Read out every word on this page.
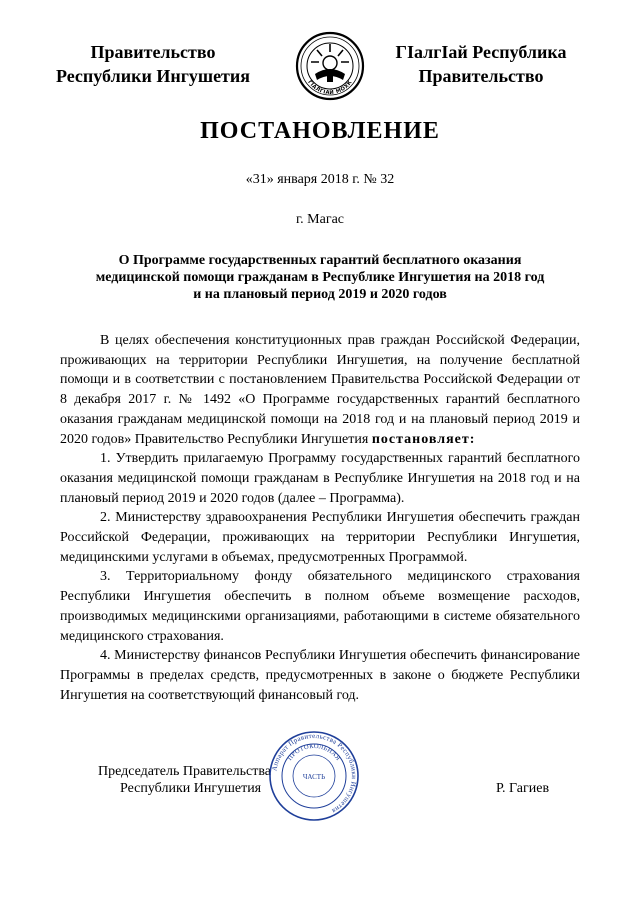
Правительство
Республики Ингушетия	ГIАЛГIАЙ МОХК
ГIалгIай Республика
Правительство
ПОСТАНОВЛЕНИЕ
«31» января 2018 г. № 32
г. Магас
О Программе государственных гарантий бесплатного оказания
медицинской помощи гражданам в Республике Ингушетия на 2018 год
и на плановый период 2019 и 2020 годов

В целях обеспечения конституционных прав граждан Российской Федерации, проживающих на территории Республики Ингушетия, на получение бесплатной помощи и в соответствии с постановлением Правительства Российской Федерации от 8 декабря 2017 г. № 1492 «О Программе государственных гарантий бесплатного оказания гражданам медицинской помощи на 2018 год и на плановый период 2019 и 2020 годов» Правительство Республики Ингушетия постановляет:

1. Утвердить прилагаемую Программу государственных гарантий бесплатного оказания медицинской помощи гражданам в Республике Ингушетия на 2018 год и на плановый период 2019 и 2020 годов (далее – Программа).

2. Министерству здравоохранения Республики Ингушетия обеспечить граждан Российской Федерации, проживающих на территории Республики Ингушетия, медицинскими услугами в объемах, предусмотренных Программой.

3. Территориальному фонду обязательного медицинского страхования Республики Ингушетия обеспечить в полном объеме возмещение расходов, производимых медицинскими организациями, работающими в системе обязательного медицинского страхования.

4. Министерству финансов Республики Ингушетия обеспечить финансирование Программы в пределах средств, предусмотренных в законе о бюджете Республики Ингушетия на соответствующий финансовый год.

Председатель Правительства
Республики Ингушетия	Р. Гагиев
Аппарат Правительства Республики Ингушетия
ПРОТОКОЛЬНАЯ
ЧАСТЬ
